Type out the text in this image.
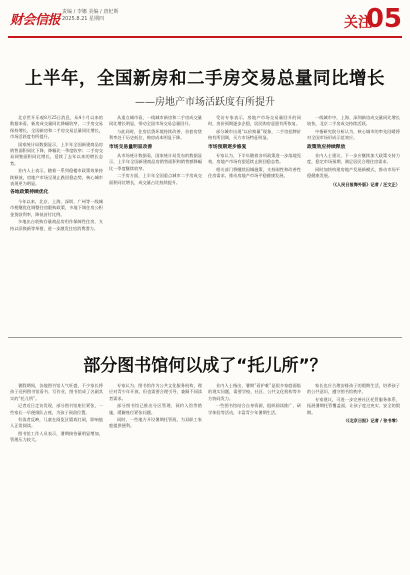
财会信报
责编 / 李娜 美编 / 唐杞斯
2025.8.21 星期四	关注
05
上半年，全国新房和二手房交易总量同比增长
——房地产市场活跃度有所提升

北京世开乐观8月25日消息，从4个月以来的数据来看，新房成交量同比降幅收窄，二手房交易保持增长，全国新房和二手房交易总量同比增长，市场活跃度有所提升。

国家统计局数据显示，上半年全国新建商品房销售面积同比下降，降幅比一季度收窄；二手房交易网签面积同比增长，延续了去年以来的增长态势。

业内人士表示，随着一系列稳楼市政策效果持续释放，房地产市场呈现止跌回稳态势，核心城市表现更为明显。

各地政策持续优化

今年以来，北京、上海、深圳、广州等一线城市相继优化调整住房限购政策，多地下调住房公积金贷款利率，降低首付比例。

多地出台收购存量商品房用作保障性住房、支持以旧换新等举措，进一步激发住房消费潜力。

从重点城市看，一线城市新房和二手房成交量同比增长明显，带动全国市场交易总量回升。

与此同时，住房信贷环境持续改善，首套房贷利率处于历史低位，购房成本明显下降。

市场交易量明显改善

从市场统计数据看，国家统计局发布的数据显示，上半年全国新建商品房销售面积和销售额降幅比一季度继续收窄。

二手房方面，上半年全国重点城市二手房成交面积同比增长，成交量占比持续提升。

受访专家表示，房地产市场交易量回升的同时，房价预期逐步企稳，居民购房意愿有所恢复。

部分城市出现“以价换量”现象，二手房挂牌价格有所回调，买方市场特征明显。

市场预期逐步修复

专家认为，下半年随着各项政策进一步落地见效，房地产市场有望延续止跌回稳态势。

相关部门将继续因城施策，支持刚性和改善性住房需求，推动房地产市场平稳健康发展。

一线城市中，上海、深圳新房成交量同比增长较快，北京二手房成交持续活跃。

中指研究院分析认为，核心城市的率先回暖将对全国市场形成示范效应。

政策效应持续释放

业内人士建议，下一步应继续加大政策支持力度，稳定市场预期，满足居民合理住房需求。

同时加快构建房地产发展新模式，推动市场平稳健康发展。

（《人民日报海外版》记者 / 汪文正）
部分图书馆何以成了“托儿所”？

暑假期间，各地图书馆人气旺盛，不少家长将孩子送到图书馆看书、写作业，图书馆成了名副其实的“托儿所”。

记者近日走访发现，部分图书馆座位紧张，一些家长一早便排队占座，为孩子预留位置。

有读者反映，儿童在阅览区嬉戏打闹，影响他人正常阅读。

图书馆工作人员表示，暑期接待量明显增加，管理压力较大。

专家认为，图书馆作为公共文化服务机构，理应对青少年开放，但也需要合理引导，兼顾不同读者需求。

部分图书馆已推出分区管理、预约入馆等措施，缓解座位紧张问题。

同时，一些地方开设暑期托管班，为双职工家庭提供便利。

业内人士指出，暑期“看护难”是很多家庭面临的现实问题，需要学校、社区、公共文化机构等多方协同发力。

一些图书馆结合自身资源，组织阅读推广、研学体验等活动，丰富青少年暑期生活。

家长也应合理安排孩子的假期生活，培养孩子的公共意识，遵守图书馆秩序。

专家建议，可进一步完善社区托管服务体系，拓展暑期托管覆盖面，让孩子度过充实、安全的假期。

（《北京日报》记者 / 张书零）
